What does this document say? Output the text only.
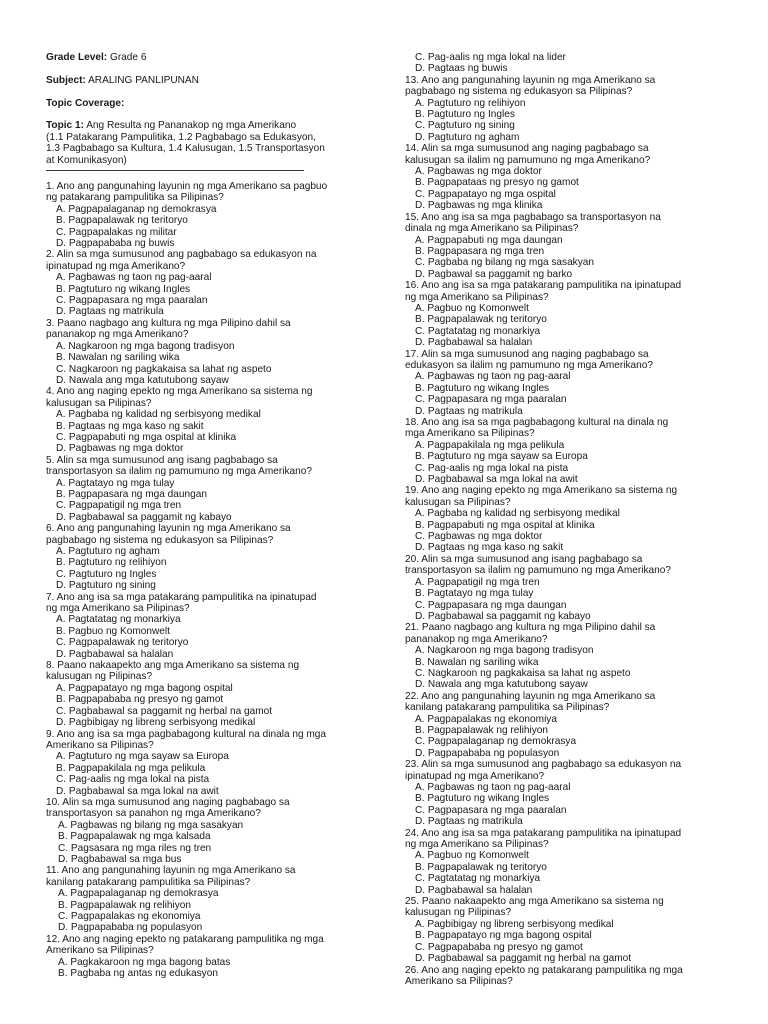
Grade Level: Grade 6
Subject: ARALING PANLIPUNAN
Topic Coverage:
Topic 1: Ang Resulta ng Pananakop ng mga Amerikano
(1.1 Patakarang Pampulitika, 1.2 Pagbabago sa Edukasyon,
1.3 Pagbabago sa Kultura, 1.4 Kalusugan, 1.5 Transportasyon
at Komunikasyon)
1. Ano ang pangunahing layunin ng mga Amerikano sa pagbuo
ng patakarang pampulitika sa Pilipinas?
A. Pagpapalaganap ng demokrasya
B. Pagpapalawak ng teritoryo
C. Pagpapalakas ng militar
D. Pagpapababa ng buwis
2. Alin sa mga sumusunod ang pagbabago sa edukasyon na
ipinatupad ng mga Amerikano?
A. Pagbawas ng taon ng pag-aaral
B. Pagtuturo ng wikang Ingles
C. Pagpapasara ng mga paaralan
D. Pagtaas ng matrikula
3. Paano nagbago ang kultura ng mga Pilipino dahil sa
pananakop ng mga Amerikano?
A. Nagkaroon ng mga bagong tradisyon
B. Nawalan ng sariling wika
C. Nagkaroon ng pagkakaisa sa lahat ng aspeto
D. Nawala ang mga katutubong sayaw
4. Ano ang naging epekto ng mga Amerikano sa sistema ng
kalusugan sa Pilipinas?
A. Pagbaba ng kalidad ng serbisyong medikal
B. Pagtaas ng mga kaso ng sakit
C. Pagpapabuti ng mga ospital at klinika
D. Pagbawas ng mga doktor
5. Alin sa mga sumusunod ang isang pagbabago sa
transportasyon sa ilalim ng pamumuno ng mga Amerikano?
A. Pagtatayo ng mga tulay
B. Pagpapasara ng mga daungan
C. Pagpapatigil ng mga tren
D. Pagbabawal sa paggamit ng kabayo
6. Ano ang pangunahing layunin ng mga Amerikano sa
pagbabago ng sistema ng edukasyon sa Pilipinas?
A. Pagtuturo ng agham
B. Pagtuturo ng relihiyon
C. Pagtuturo ng Ingles
D. Pagtuturo ng sining
7. Ano ang isa sa mga patakarang pampulitika na ipinatupad
ng mga Amerikano sa Pilipinas?
A. Pagtatatag ng monarkiya
B. Pagbuo ng Komonwelt
C. Pagpapalawak ng teritoryo
D. Pagbabawal sa halalan
8. Paano nakaapekto ang mga Amerikano sa sistema ng
kalusugan ng Pilipinas?
A. Pagpapatayo ng mga bagong ospital
B. Pagpapababa ng presyo ng gamot
C. Pagbabawal sa paggamit ng herbal na gamot
D. Pagbibigay ng libreng serbisyong medikal
9. Ano ang isa sa mga pagbabagong kultural na dinala ng mga
Amerikano sa Pilipinas?
A. Pagtuturo ng mga sayaw sa Europa
B. Pagpapakilala ng mga pelikula
C. Pag-aalis ng mga lokal na pista
D. Pagbabawal sa mga lokal na awit
10. Alin sa mga sumusunod ang naging pagbabago sa
transportasyon sa panahon ng mga Amerikano?
A. Pagbawas ng bilang ng mga sasakyan
B. Pagpapalawak ng mga kalsada
C. Pagsasara ng mga riles ng tren
D. Pagbabawal sa mga bus
11. Ano ang pangunahing layunin ng mga Amerikano sa
kanilang patakarang pampulitika sa Pilipinas?
A. Pagpapalaganap ng demokrasya
B. Pagpapalawak ng relihiyon
C. Pagpapalakas ng ekonomiya
D. Pagpapababa ng populasyon
12. Ano ang naging epekto ng patakarang pampulitika ng mga
Amerikano sa Pilipinas?
A. Pagkakaroon ng mga bagong batas
B. Pagbaba ng antas ng edukasyon
C. Pag-aalis ng mga lokal na lider
D. Pagtaas ng buwis
13. Ano ang pangunahing layunin ng mga Amerikano sa
pagbabago ng sistema ng edukasyon sa Pilipinas?
A. Pagtuturo ng relihiyon
B. Pagtuturo ng Ingles
C. Pagtuturo ng sining
D. Pagtuturo ng agham
14. Alin sa mga sumusunod ang naging pagbabago sa
kalusugan sa ilalim ng pamumuno ng mga Amerikano?
A. Pagbawas ng mga doktor
B. Pagpapataas ng presyo ng gamot
C. Pagpapatayo ng mga ospital
D. Pagbawas ng mga klinika
15. Ano ang isa sa mga pagbabago sa transportasyon na
dinala ng mga Amerikano sa Pilipinas?
A. Pagpapabuti ng mga daungan
B. Pagpapasara ng mga tren
C. Pagbaba ng bilang ng mga sasakyan
D. Pagbawal sa paggamit ng barko
16. Ano ang isa sa mga patakarang pampulitika na ipinatupad
ng mga Amerikano sa Pilipinas?
A. Pagbuo ng Komonwelt
B. Pagpapalawak ng teritoryo
C. Pagtatatag ng monarkiya
D. Pagbabawal sa halalan
17. Alin sa mga sumusunod ang naging pagbabago sa
edukasyon sa ilalim ng pamumuno ng mga Amerikano?
A. Pagbawas ng taon ng pag-aaral
B. Pagtuturo ng wikang Ingles
C. Pagpapasara ng mga paaralan
D. Pagtaas ng matrikula
18. Ano ang isa sa mga pagbabagong kultural na dinala ng
mga Amerikano sa Pilipinas?
A. Pagpapakilala ng mga pelikula
B. Pagtuturo ng mga sayaw sa Europa
C. Pag-aalis ng mga lokal na pista
D. Pagbabawal sa mga lokal na awit
19. Ano ang naging epekto ng mga Amerikano sa sistema ng
kalusugan sa Pilipinas?
A. Pagbaba ng kalidad ng serbisyong medikal
B. Pagpapabuti ng mga ospital at klinika
C. Pagbawas ng mga doktor
D. Pagtaas ng mga kaso ng sakit
20. Alin sa mga sumusunod ang isang pagbabago sa
transportasyon sa ilalim ng pamumuno ng mga Amerikano?
A. Pagpapatigil ng mga tren
B. Pagtatayo ng mga tulay
C. Pagpapasara ng mga daungan
D. Pagbabawal sa paggamit ng kabayo
21. Paano nagbago ang kultura ng mga Pilipino dahil sa
pananakop ng mga Amerikano?
A. Nagkaroon ng mga bagong tradisyon
B. Nawalan ng sariling wika
C. Nagkaroon ng pagkakaisa sa lahat ng aspeto
D. Nawala ang mga katutubong sayaw
22. Ano ang pangunahing layunin ng mga Amerikano sa
kanilang patakarang pampulitika sa Pilipinas?
A. Pagpapalakas ng ekonomiya
B. Pagpapalawak ng relihiyon
C. Pagpapalaganap ng demokrasya
D. Pagpapababa ng populasyon
23. Alin sa mga sumusunod ang pagbabago sa edukasyon na
ipinatupad ng mga Amerikano?
A. Pagbawas ng taon ng pag-aaral
B. Pagtuturo ng wikang Ingles
C. Pagpapasara ng mga paaralan
D. Pagtaas ng matrikula
24. Ano ang isa sa mga patakarang pampulitika na ipinatupad
ng mga Amerikano sa Pilipinas?
A. Pagbuo ng Komonwelt
B. Pagpapalawak ng teritoryo
C. Pagtatatag ng monarkiya
D. Pagbabawal sa halalan
25. Paano nakaapekto ang mga Amerikano sa sistema ng
kalusugan ng Pilipinas?
A. Pagbibigay ng libreng serbisyong medikal
B. Pagpapatayo ng mga bagong ospital
C. Pagpapababa ng presyo ng gamot
D. Pagbabawal sa paggamit ng herbal na gamot
26. Ano ang naging epekto ng patakarang pampulitika ng mga
Amerikano sa Pilipinas?
